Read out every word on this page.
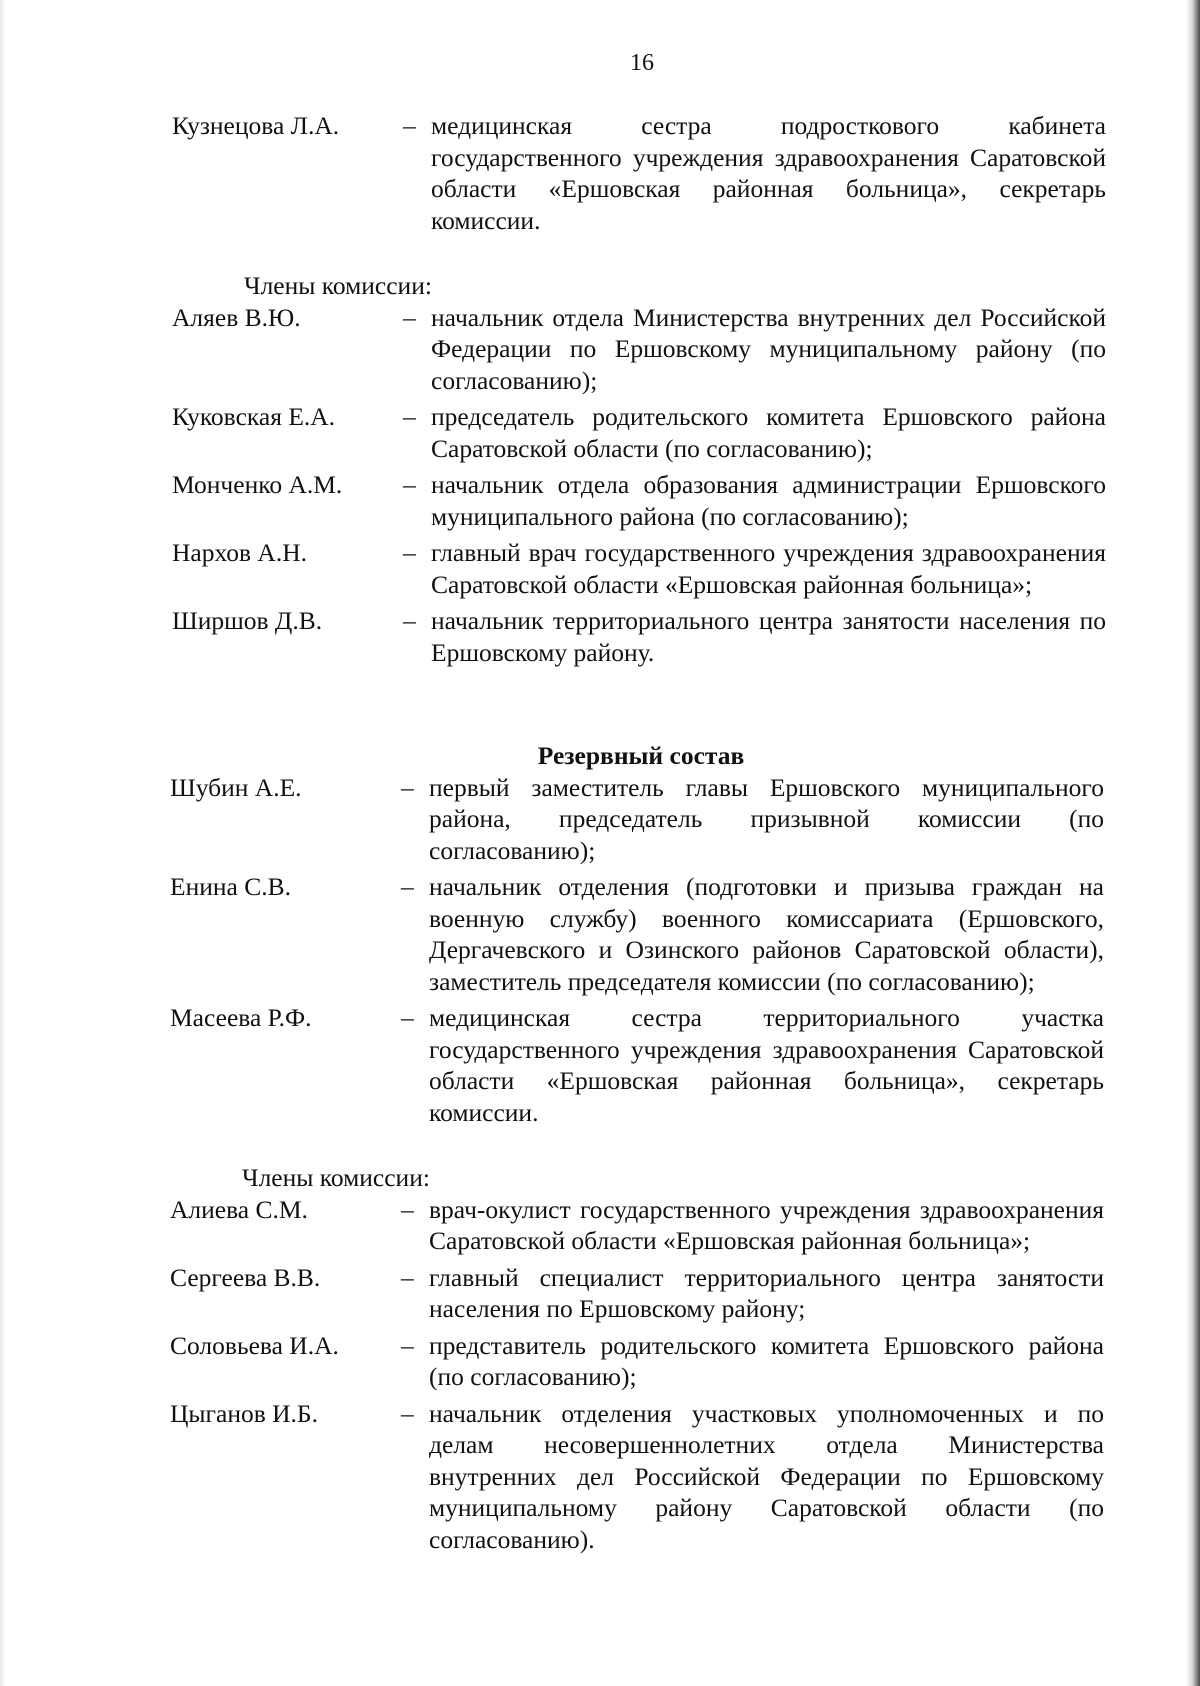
16
Кузнецова Л.А.	– медицинская сестра подросткового кабинета государственного учреждения здравоохранения Саратовской области «Ершовская районная больница», секретарь комиссии.
Члены комиссии:
Аляев В.Ю.	– начальник отдела Министерства внутренних дел Российской Федерации по Ершовскому муниципальному району (по согласованию);
Куковская Е.А.	– председатель родительского комитета Ершовского района Саратовской области (по согласованию);
Монченко А.М.	– начальник отдела образования администрации Ершовского муниципального района (по согласованию);
Нархов А.Н.	– главный врач государственного учреждения здравоохранения Саратовской области «Ершовская районная больница»;
Ширшов Д.В.	– начальник территориального центра занятости населения по Ершовскому району.
Резервный состав
Шубин А.Е.	– первый заместитель главы Ершовского муниципального района, председатель призывной комиссии (по согласованию);
Енина С.В.	– начальник отделения (подготовки и призыва граждан на военную службу) военного комиссариата (Ершовского, Дергачевского и Озинского районов Саратовской области), заместитель председателя комиссии (по согласованию);
Масеева Р.Ф.	– медицинская сестра территориального участка государственного учреждения здравоохранения Саратовской области «Ершовская районная больница», секретарь комиссии.
Члены комиссии:
Алиева С.М.	– врач-окулист государственного учреждения здравоохранения Саратовской области «Ершовская районная больница»;
Сергеева В.В.	– главный специалист территориального центра занятости населения по Ершовскому району;
Соловьева И.А.	– представитель родительского комитета Ершовского района (по согласованию);
Цыганов И.Б.	– начальник отделения участковых уполномоченных и по делам несовершеннолетних отдела Министерства внутренних дел Российской Федерации по Ершовскому муниципальному району Саратовской области (по согласованию).
